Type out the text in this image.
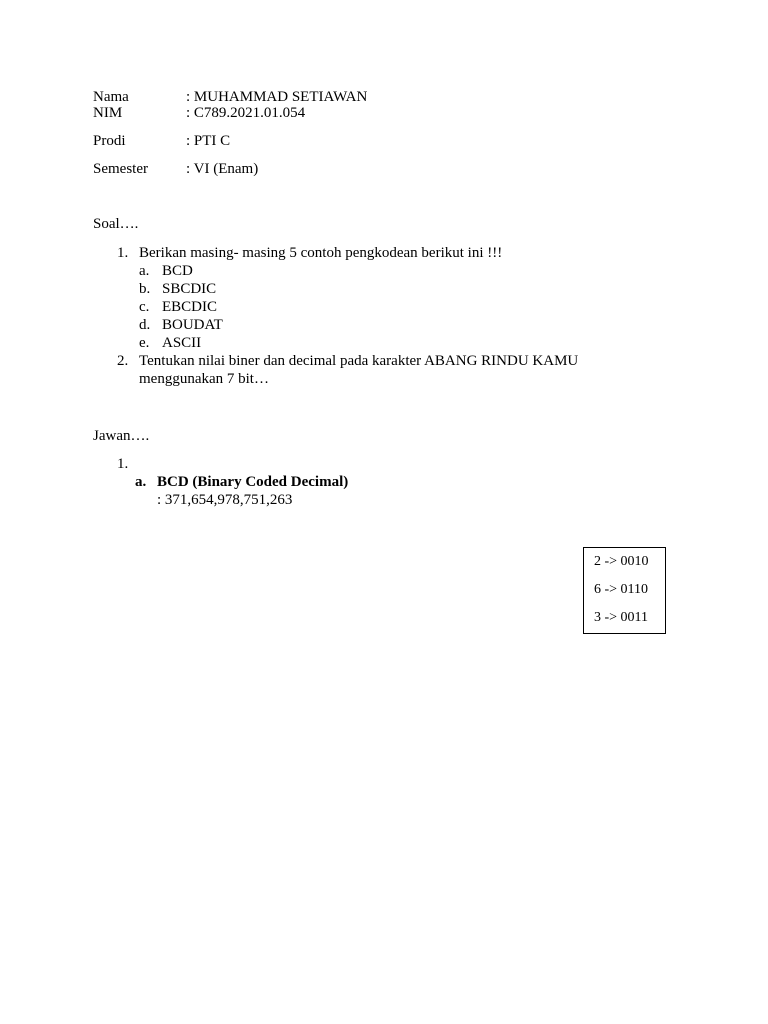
Nama	: MUHAMMAD SETIAWAN
NIM	: C789.2021.01.054
Prodi	: PTI C
Semester	: VI (Enam)
Soal….
1. Berikan masing- masing 5 contoh pengkodean berikut ini !!!
a. BCD
b. SBCDIC
c. EBCDIC
d. BOUDAT
e. ASCII
2. Tentukan nilai biner dan decimal pada karakter ABANG RINDU KAMU
menggunakan 7 bit…
Jawan….
1.
a. BCD (Binary Coded Decimal)
: 371,654,978,751,263
2 -> 0010
6 -> 0110
3 -> 0011
